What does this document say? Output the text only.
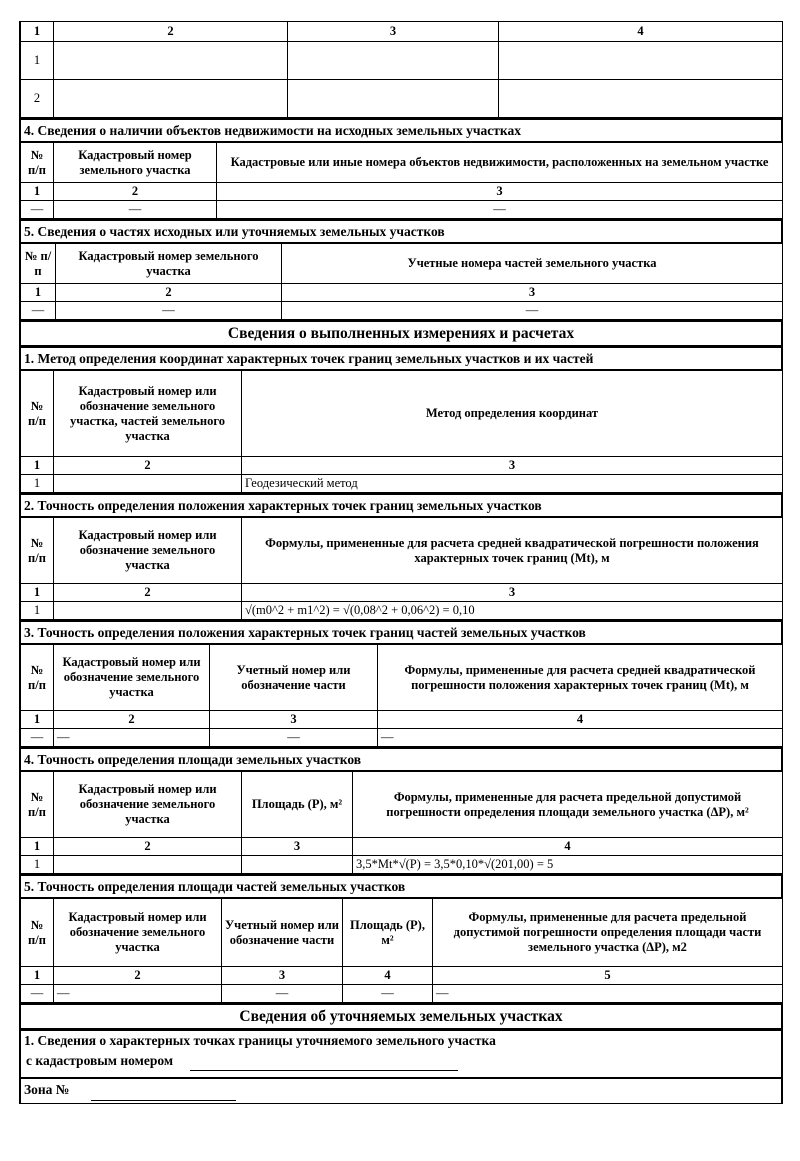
1	2	3	4
1			
2			
4. Сведения о наличии объектов недвижимости на исходных земельных участках
№ п/п	Кадастровый номер земельного участка	Кадастровые или иные номера объектов недвижимости, расположенных на земельном участке
1	2	3
—	—	—
5. Сведения о частях исходных или уточняемых земельных участков
№ п/п	Кадастровый номер земельного участка	Учетные номера частей земельного участка
1	2	3
—	—	—
Сведения о выполненных измерениях и расчетах
1. Метод определения координат характерных точек границ земельных участков и их частей
№ п/п	Кадастровый номер или обозначение земельного участка, частей земельного участка	Метод определения координат
1	2	3
1		Геодезический метод
2. Точность определения положения характерных точек границ земельных участков
№ п/п	Кадастровый номер или обозначение земельного участка	Формулы, примененные для расчета средней квадратической погрешности положения характерных точек границ (Mt), м
1	2	3
1		√(m0^2 + m1^2) = √(0,08^2 + 0,06^2) = 0,10
3. Точность определения положения характерных точек границ частей земельных участков
№ п/п	Кадастровый номер или обозначение земельного участка	Учетный номер или обозначение части	Формулы, примененные для расчета средней квадратической погрешности положения характерных точек границ (Mt), м
1	2	3	4
—	—	—	—
4. Точность определения площади земельных участков
№ п/п	Кадастровый номер или обозначение земельного участка	Площадь (P), м²	Формулы, примененные для расчета предельной допустимой погрешности определения площади земельного участка (ΔP), м²
1	2	3	4
1			3,5*Mt*√(P) = 3,5*0,10*√(201,00) = 5
5. Точность определения площади частей земельных участков
№ п/п	Кадастровый номер или обозначение земельного участка	Учетный номер или обозначение части	Площадь (P), м²	Формулы, примененные для расчета предельной допустимой погрешности определения площади части земельного участка (ΔP), м2
1	2	3	4	5
—	—	—	—	—
Сведения об уточняемых земельных участках
1. Сведения о характерных точках границы уточняемого земельного участка
с кадастровым номером
Зона №
